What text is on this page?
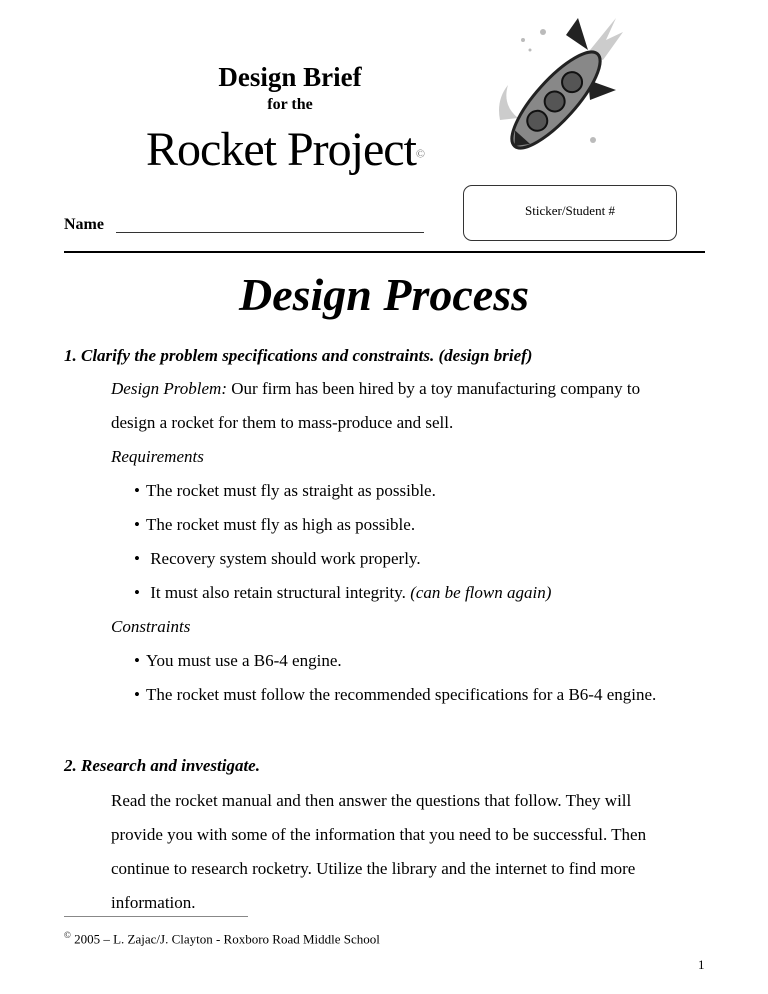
Design Brief
for the
Rocket Project©
Sticker/Student #
Name
Design Process
1. Clarify the problem specifications and constraints. (design brief)
Design Problem: Our firm has been hired by a toy manufacturing company to
design a rocket for them to mass-produce and sell.
Requirements
• The rocket must fly as straight as possible.
• The rocket must fly as high as possible.
• Recovery system should work properly.
• It must also retain structural integrity. (can be flown again)
Constraints
• You must use a B6-4 engine.
• The rocket must follow the recommended specifications for a B6-4 engine.
2. Research and investigate.
Read the rocket manual and then answer the questions that follow. They will
provide you with some of the information that you need to be successful. Then
continue to research rocketry. Utilize the library and the internet to find more
information.
© 2005 – L. Zajac/J. Clayton - Roxboro Road Middle School
1
